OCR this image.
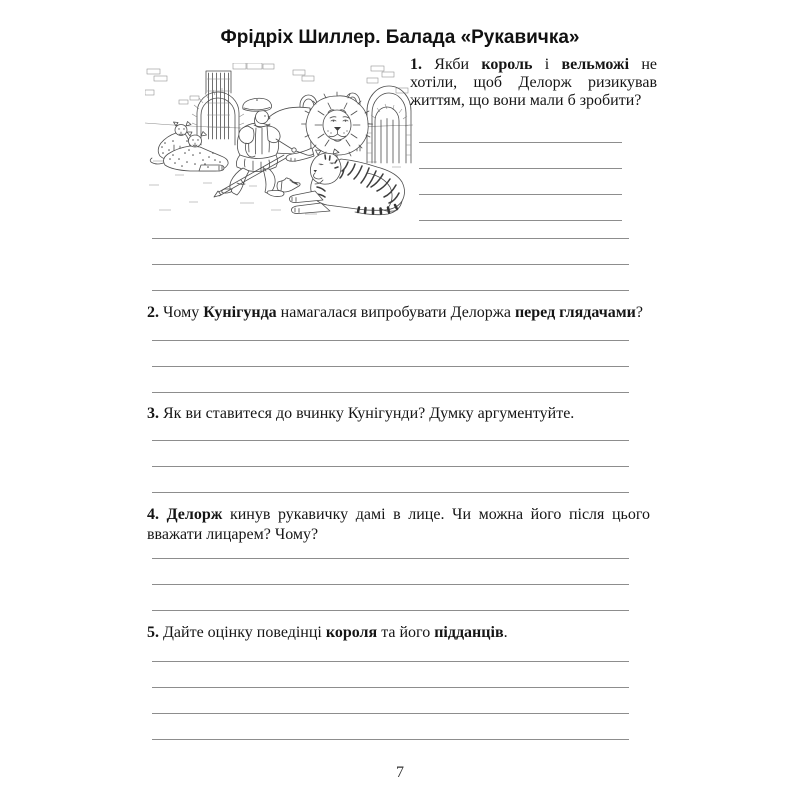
Фрідріх Шиллер. Балада «Рукавичка»
1. Якби король і вельможі не хотіли, щоб Делорж ризикував життям, що вони мали б зробити?
2. Чому Кунігунда намагалася випробувати Делоржа перед глядачами?
3. Як ви ставитеся до вчинку Кунігунди? Думку аргументуйте.
4. Делорж кинув рукавичку дамі в лице. Чи можна його після цього вважати лицарем? Чому?
5. Дайте оцінку поведінці короля та його підданців.
7
